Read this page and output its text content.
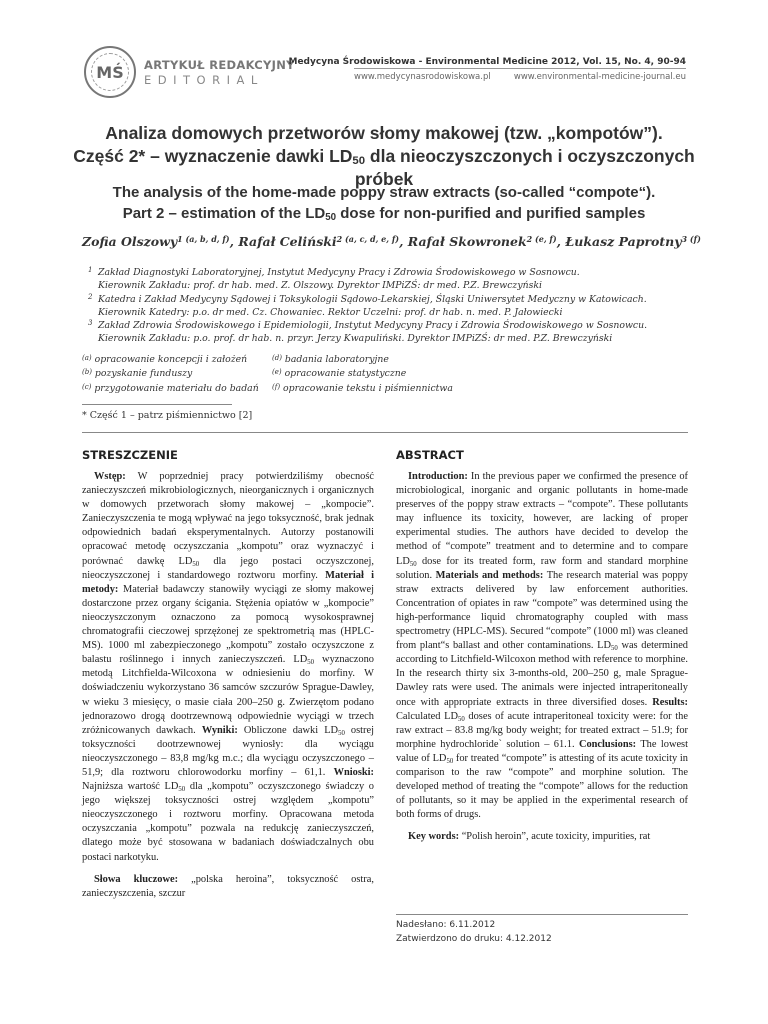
MŚ ARTYKUŁ REDAKCYJNY
EDITORIAL
Medycyna Środowiskowa - Environmental Medicine 2012, Vol. 15, No. 4, 90-94
www.medycynasrodowiskowa.pl	www.environmental-medicine-journal.eu
Analiza domowych przetworów słomy makowej (tzw. „kompotów”).
Część 2* – wyznaczenie dawki $LD_{50}$ dla nieoczyszczonych i oczyszczonych próbek
The analysis of the home-made poppy straw extracts (so-called “compote“).
Part 2 – estimation of the $LD_{50}$ dose for non-purified and purified samples
Zofia Olszowy$^{1 (a, b, d, f)}$, Rafał Celiński$^{2 (a, c, d, e, f)}$, Rafał Skowronek$^{2 (e, f)}$, Łukasz Paprotny$^{3 (f)}$
1 Zakład Diagnostyki Laboratoryjnej, Instytut Medycyny Pracy i Zdrowia Środowiskowego w Sosnowcu.
Kierownik Zakładu: prof. dr hab. med. Z. Olszowy. Dyrektor IMPiZŚ: dr med. P.Z. Brewczyński
2 Katedra i Zakład Medycyny Sądowej i Toksykologii Sądowo-Lekarskiej, Śląski Uniwersytet Medyczny w Katowicach.
Kierownik Katedry: p.o. dr med. Cz. Chowaniec. Rektor Uczelni: prof. dr hab. n. med. P. Jałowiecki
3 Zakład Zdrowia Środowiskowego i Epidemiologii, Instytut Medycyny Pracy i Zdrowia Środowiskowego w Sosnowcu.
Kierownik Zakładu: p.o. prof. dr hab. n. przyr. Jerzy Kwapuliński. Dyrektor IMPiZŚ: dr med. P.Z. Brewczyński
$^{(a)}$ opracowanie koncepcji i założeń
$^{(b)}$ pozyskanie funduszy
$^{(c)}$ przygotowanie materiału do badań
$^{(d)}$ badania laboratoryjne
$^{(e)}$ opracowanie statystyczne
$^{(f)}$ opracowanie tekstu i piśmiennictwa
* Część 1 – patrz piśmiennictwo [2]
STRESZCZENIE	ABSTRACT

Wstęp: W poprzedniej pracy potwierdziliśmy obecność zanieczyszczeń mikrobiologicznych, nieorganicznych i organicznych w domowych przetworach słomy makowej – „kompocie”. Zanieczyszczenia te mogą wpływać na jego toksyczność, brak jednak odpowiednich badań eksperymentalnych. Autorzy postanowili opracować metodę oczyszczania „kompotu” oraz wyznaczyć i porównać dawkę $LD_{50}$ dla jego postaci oczyszczonej, nieoczyszczonej i standardowego roztworu morfiny. Materiał i metody: Materiał badawczy stanowiły wyciągi ze słomy makowej dostarczone przez organy ścigania. Stężenia opiatów w „kompocie” nieoczyszczonym oznaczono za pomocą wysokosprawnej chromatografii cieczowej sprzężonej ze spektrometrią mas (HPLC-MS). 1000 ml zabezpieczonego „kompotu” zostało oczyszczone z balastu roślinnego i innych zanieczyszczeń. $LD_{50}$ wyznaczono metodą Litchfielda-Wilcoxona w odniesieniu do morfiny. W doświadczeniu wykorzystano 36 samców szczurów Sprague-Dawley, w wieku 3 miesięcy, o masie ciała 200–250 g. Zwierzętom podano jednorazowo drogą dootrzewnową odpowiednie wyciągi w trzech zróżnicowanych dawkach. Wyniki: Obliczone dawki $LD_{50}$ ostrej toksyczności dootrzewnowej wyniosły: dla wyciągu nieoczyszczonego – 83,8 mg/kg m.c.; dla wyciągu oczyszczonego – 51,9; dla roztworu chlorowodorku morfiny – 61,1. Wnioski: Najniższa wartość $LD_{50}$ dla „kompotu” oczyszczonego świadczy o jego większej toksyczności ostrej względem „kompotu” nieoczyszczonego i roztworu morfiny. Opracowana metoda oczyszczania „kompotu” pozwala na redukcję zanieczyszczeń, dlatego może być stosowana w badaniach doświadczalnych obu postaci narkotyku.

Słowa kluczowe: „polska heroina”, toksyczność ostra, zanieczyszczenia, szczur

Introduction: In the previous paper we confirmed the presence of microbiological, inorganic and organic pollutants in home-made preserves of the poppy straw extracts – “compote”. These pollutants may influence its toxicity, however, are lacking of proper experimental studies. The authors have decided to develop the method of “compote” treatment and to determine and to compare $LD_{50}$ dose for its treated form, raw form and standard morphine solution. Materials and methods: The research material was poppy straw extracts delivered by law enforcement authorities. Concentration of opiates in raw “compote” was determined using the high-performance liquid chromatography coupled with mass spectrometry (HPLC-MS). Secured “compote” (1000 ml) was cleaned from plant“s ballast and other contaminations. $LD_{50}$ was determined according to Litchfield-Wilcoxon method with reference to morphine. In the research thirty six 3-months-old, 200–250 g, male Sprague-Dawley rats were used. The animals were injected intraperitoneally once with appropriate extracts in three diversified doses. Results: Calculated $LD_{50}$ doses of acute intraperitoneal toxicity were: for the raw extract – 83.8 mg/kg body weight; for treated extract – 51.9; for morphine hydrochloride` solution – 61.1. Conclusions: The lowest value of $LD_{50}$ for treated “compote” is attesting of its acute toxicity in comparison to the raw “compote” and morphine solution. The developed method of treating the “compote” allows for the reduction of pollutants, so it may be applied in the experimental research of both forms of drugs.

Key words: “Polish heroin”, acute toxicity, impurities, rat

Nadesłano: 6.11.2012
Zatwierdzono do druku: 4.12.2012
